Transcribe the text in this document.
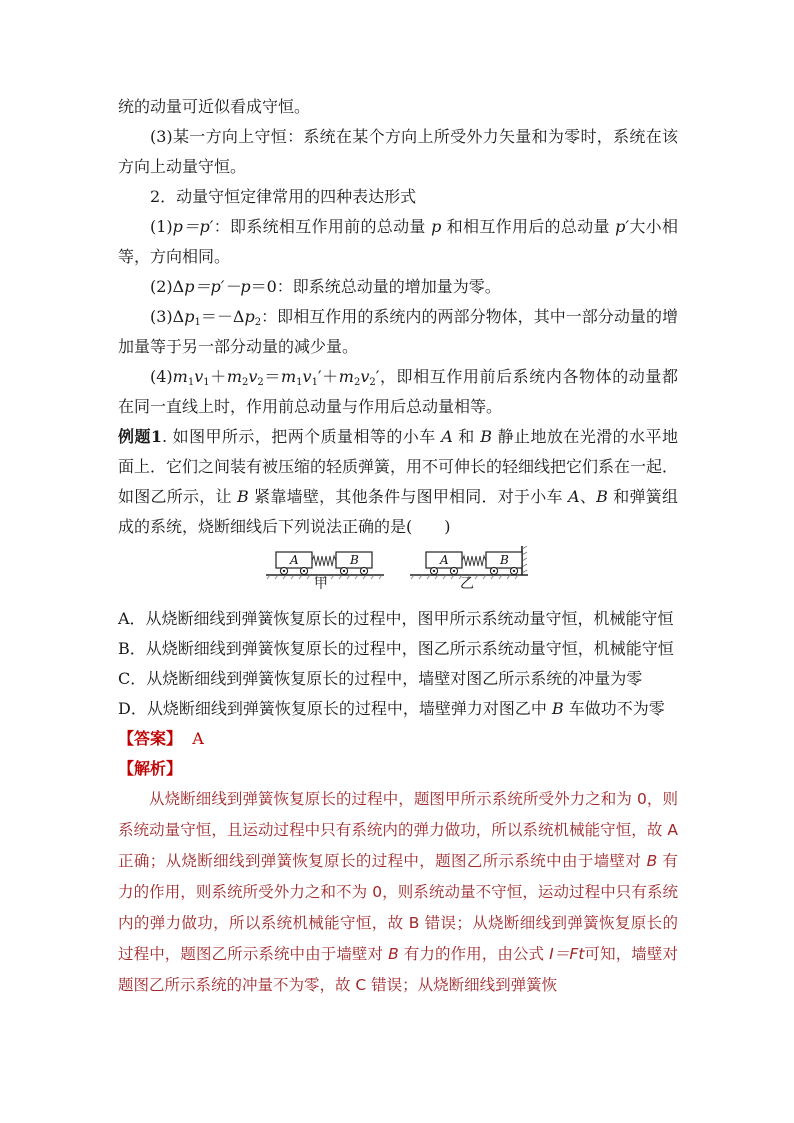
统的动量可近似看成守恒。

(3)某一方向上守恒：系统在某个方向上所受外力矢量和为零时，系统在该方向上动量守恒。

2．动量守恒定律常用的四种表达形式

(1)p＝p′：即系统相互作用前的总动量 p 和相互作用后的总动量 p′大小相等，方向相同。

(2)Δp＝p′－p＝0：即系统总动量的增加量为零。

$(3)\Delta p_1=-\Delta p_2$：即相互作用的系统内的两部分物体，其中一部分动量的增加量等于另一部分动量的减少量。

$(4)m_1v_1+m_2v_2=m_1v_1'+m_2v_2'$，即相互作用前后系统内各物体的动量都在同一直线上时，作用前总动量与作用后总动量相等。

例题1. 如图甲所示，把两个质量相等的小车 A 和 B 静止地放在光滑的水平地面上．它们之间装有被压缩的轻质弹簧，用不可伸长的轻细线把它们系在一起．如图乙所示，让 B 紧靠墙壁，其他条件与图甲相同．对于小车 A、B 和弹簧组成的系统，烧断细线后下列说法正确的是(　　)

A	B	A	B
甲	乙

A．从烧断细线到弹簧恢复原长的过程中，图甲所示系统动量守恒，机械能守恒

B．从烧断细线到弹簧恢复原长的过程中，图乙所示系统动量守恒，机械能守恒

C．从烧断细线到弹簧恢复原长的过程中，墙壁对图乙所示系统的冲量为零

D．从烧断细线到弹簧恢复原长的过程中，墙壁弹力对图乙中 B 车做功不为零

【答案】 A

【解析】

从烧断细线到弹簧恢复原长的过程中，题图甲所示系统所受外力之和为 0，则系统动量守恒，且运动过程中只有系统内的弹力做功，所以系统机械能守恒，故 A 正确；从烧断细线到弹簧恢复原长的过程中，题图乙所示系统中由于墙壁对 B 有力的作用，则系统所受外力之和不为 0，则系统动量不守恒，运动过程中只有系统内的弹力做功，所以系统机械能守恒，故 B 错误；从烧断细线到弹簧恢复原长的过程中，题图乙所示系统中由于墙壁对 B 有力的作用，由公式 I＝Ft可知，墙壁对题图乙所示系统的冲量不为零，故 C 错误；从烧断细线到弹簧恢
